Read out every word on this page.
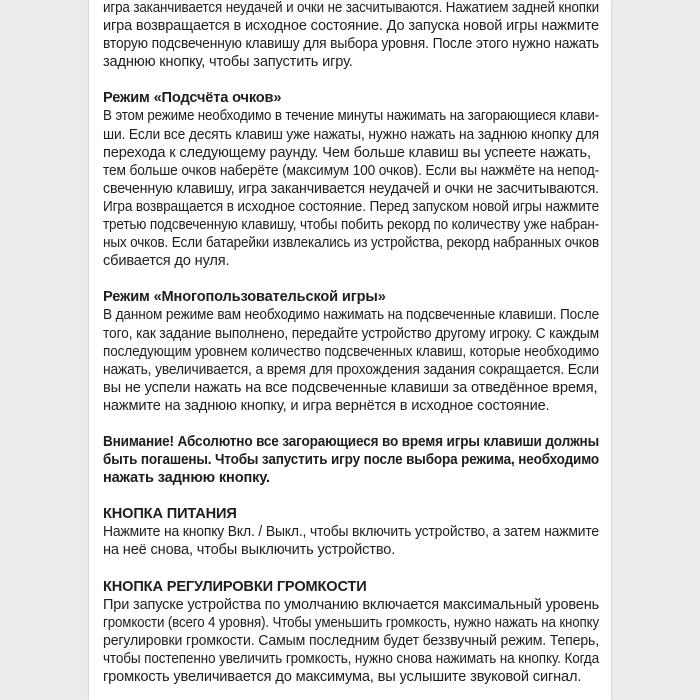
игра заканчивается неудачей и очки не засчитываются. Нажатием задней кнопки
игра возвращается в исходное состояние. До запуска новой игры нажмите
вторую подсвеченную клавишу для выбора уровня. После этого нужно нажать
заднюю кнопку, чтобы запустить игру.
Режим «Подсчёта очков»
В этом режиме необходимо в течение минуты нажимать на загорающиеся клави-
ши. Если все десять клавиш уже нажаты, нужно нажать на заднюю кнопку для
перехода к следующему раунду. Чем больше клавиш вы успеете нажать,
тем больше очков наберёте (максимум 100 очков). Если вы нажмёте на непод-
свеченную клавишу, игра заканчивается неудачей и очки не засчитываются.
Игра возвращается в исходное состояние. Перед запуском новой игры нажмите
третью подсвеченную клавишу, чтобы побить рекорд по количеству уже набран-
ных очков. Если батарейки извлекались из устройства, рекорд набранных очков
сбивается до нуля.
Режим «Многопользовательской игры»
В данном режиме вам необходимо нажимать на подсвеченные клавиши. После
того, как задание выполнено, передайте устройство другому игроку. С каждым
последующим уровнем количество подсвеченных клавиш, которые необходимо
нажать, увеличивается, а время для прохождения задания сокращается. Если
вы не успели нажать на все подсвеченные клавиши за отведённое время,
нажмите на заднюю кнопку, и игра вернётся в исходное состояние.
Внимание! Абсолютно все загорающиеся во время игры клавиши должны
быть погашены. Чтобы запустить игру после выбора режима, необходимо
нажать заднюю кнопку.
КНОПКА ПИТАНИЯ
Нажмите на кнопку Вкл. / Выкл., чтобы включить устройство, а затем нажмите
на неё снова, чтобы выключить устройство.
КНОПКА РЕГУЛИРОВКИ ГРОМКОСТИ
При запуске устройства по умолчанию включается максимальный уровень
громкости (всего 4 уровня). Чтобы уменьшить громкость, нужно нажать на кнопку
регулировки громкости. Самым последним будет беззвучный режим. Теперь,
чтобы постепенно увеличить громкость, нужно снова нажимать на кнопку. Когда
громкость увеличивается до максимума, вы услышите звуковой сигнал.
